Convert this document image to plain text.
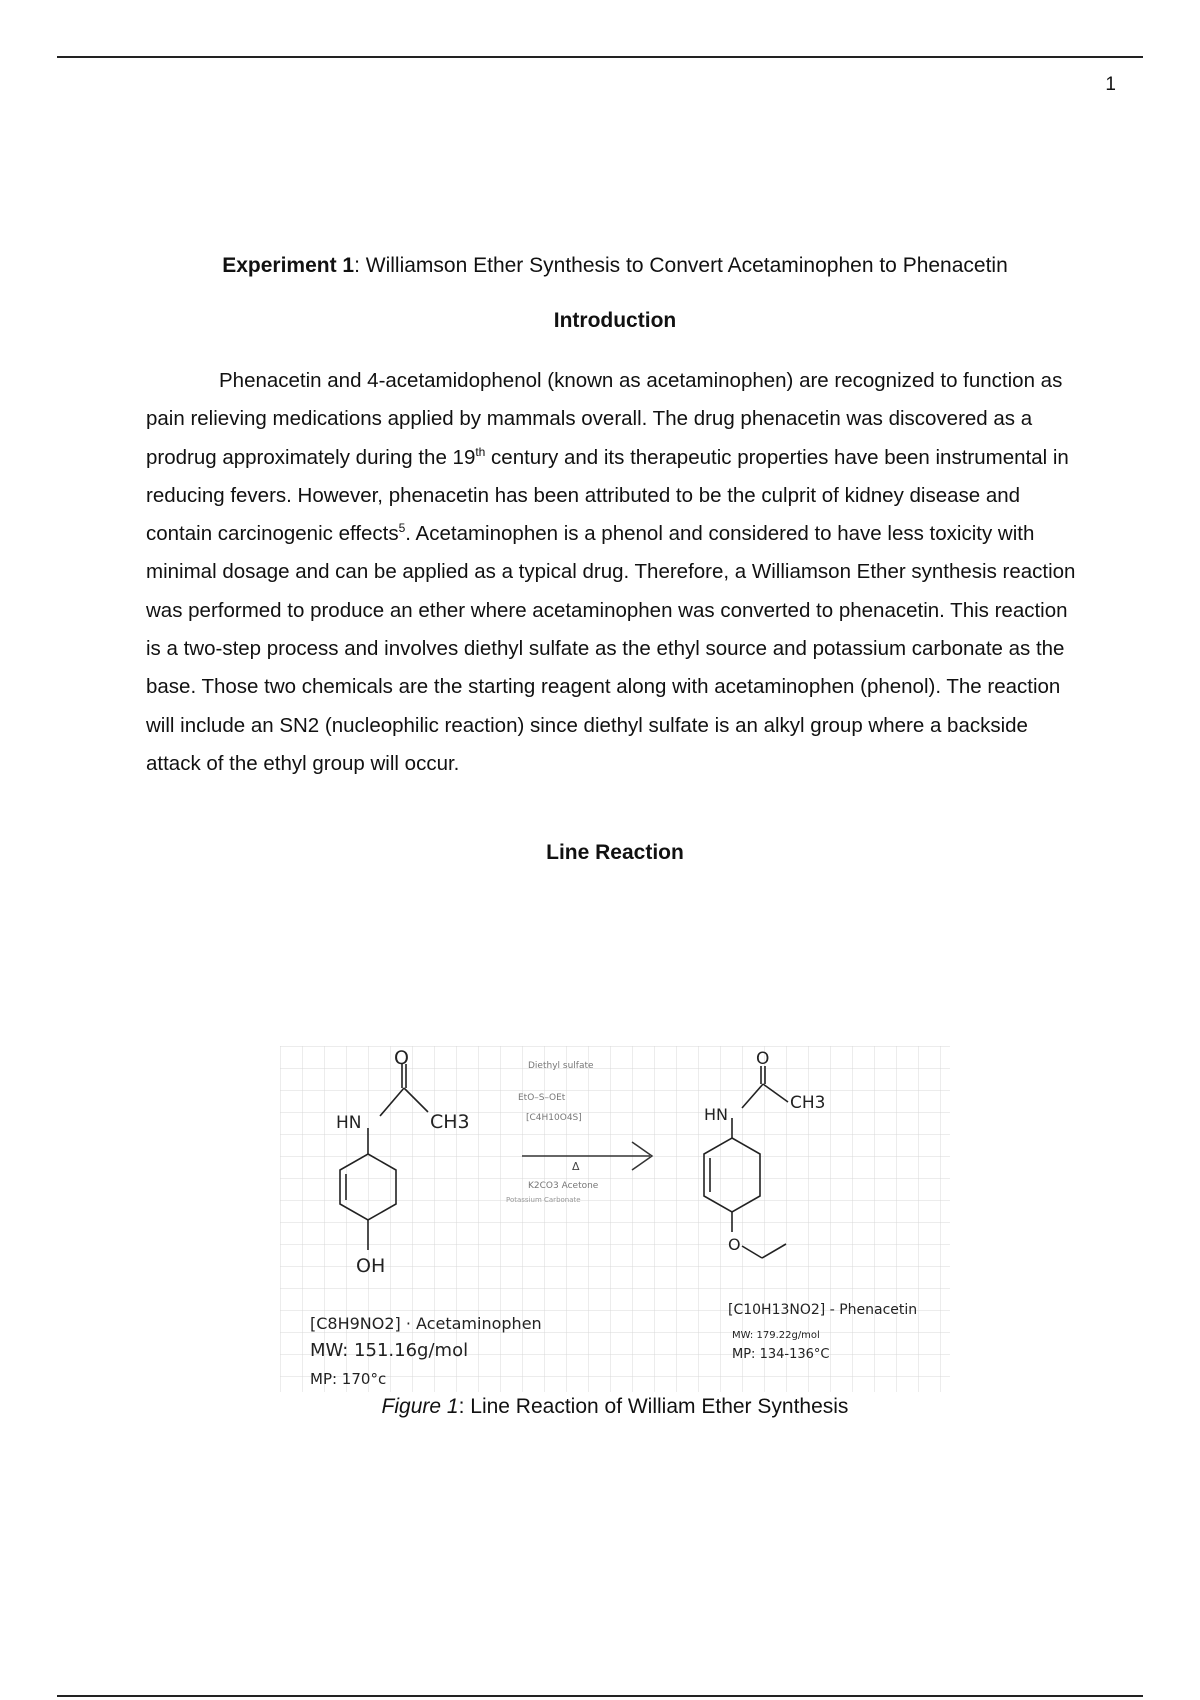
1
Experiment 1: Williamson Ether Synthesis to Convert Acetaminophen to Phenacetin
Introduction

Phenacetin and 4-acetamidophenol (known as acetaminophen) are recognized to function as pain relieving medications applied by mammals overall. The drug phenacetin was discovered as a prodrug approximately during the 19th century and its therapeutic properties have been instrumental in reducing fevers. However, phenacetin has been attributed to be the culprit of kidney disease and contain carcinogenic effects$^5$. Acetaminophen is a phenol and considered to have less toxicity with minimal dosage and can be applied as a typical drug. Therefore, a Williamson Ether synthesis reaction was performed to produce an ether where acetaminophen was converted to phenacetin. This reaction is a two-step process and involves diethyl sulfate as the ethyl source and potassium carbonate as the base. Those two chemicals are the starting reagent along with acetaminophen (phenol). The reaction will include an SN2 (nucleophilic reaction) since diethyl sulfate is an alkyl group where a backside attack of the ethyl group will occur.

Line Reaction
O
HN	CH3
OH
[C8H9NO2] · Acetaminophen
MW: 151.16g/mol
MP: 170°c
Diethyl sulfate
EtO–S–OEt
[C4H10O4S]
Δ
K2CO3 Acetone
Potassium Carbonate
O
HN
CH3
O
[C10H13NO2] - Phenacetin
MW: 179.22g/mol
MP: 134-136°C
Figure 1: Line Reaction of William Ether Synthesis
